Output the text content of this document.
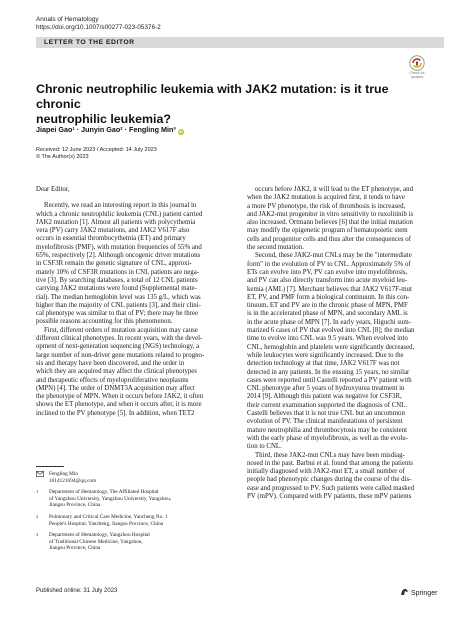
Annals of Hematology
https://doi.org/10.1007/s00277-023-05376-2
LETTER TO THE EDITOR
Check for
updates
Chronic neutrophilic leukemia with JAK2 mutation: is it true chronic
neutrophilic leukemia?
Jiapei Gao¹ · Junyin Gao² · Fengling Min³ iD
Received: 12 June 2023 / Accepted: 14 July 2023
© The Author(s) 2023

Dear Editor,

Recently, we read an interesting report in this journal in
which a chronic neutrophilic leukemia (CNL) patient carried
JAK2 mutation [1]. Almost all patients with polycythemia
vera (PV) carry JAK2 mutations, and JAK2 V617F also
occurs in essential thrombocythemia (ET) and primary
myelofibrosis (PMF), with mutation frequencies of 55% and
65%, respectively [2]. Although oncogenic driver mutations
in CSF3R remain the genetic signature of CNL, approxi-
mately 10% of CSF3R mutations in CNL patients are nega-
tive [3]. By searching databases, a total of 12 CNL patients
carrying JAK2 mutations were found (Supplemental mate-
rial). The median hemoglobin level was 135 g/L, which was
higher than the majority of CNL patients [3], and their clini-
cal phenotype was similar to that of PV; there may be three
possible reasons accounting for this phenomenon.

First, different orders of mutation acquisition may cause
different clinical phenotypes. In recent years, with the devel-
opment of next-generation sequencing (NGS) technology, a
large number of non-driver gene mutations related to progno-
sis and therapy have been discovered, and the order in
which they are acquired may affect the clinical phenotypes
and therapeutic effects of myeloproliferative neoplasms
(MPN) [4]. The order of DNMT3A acquisition may affect
the phenotype of MPN. When it occurs before JAK2, it often
shows the ET phenotype, and when it occurs after, it is more
inclined to the PV phenotype [5]. In addition, when TET2

Fengling Min
1014121694@qq.com
$^1$ Department of Hematology, The Affiliated Hospital
of Yangzhou University, Yangzhou University, Yangzhou,
Jiangsu Province, China
$^2$ Pulmonary and Critical Care Medicine, Yancheng No. 1
People's Hospital, Yancheng, Jiangsu Province, China
$^3$ Department of Hematology, Yangzhou Hospital
of Traditional Chinese Medicine, Yangzhou,
Jiangsu Province, China

occurs before JAK2, it will lead to the ET phenotype, and
when the JAK2 mutation is acquired first, it tends to have
a more PV phenotype, the risk of thrombosis is increased,
and JAK2-mut progenitor in vitro sensitivity to ruxolitinib is
also increased. Ortmann believes [6] that the initial mutation
may modify the epigenetic program of hematopoietic stem
cells and progenitor cells and thus alter the consequences of
the second mutation.

Second, these JAK2-mut CNLs may be the "intermediate
form" in the evolution of PV to CNL. Approximately 5% of
ETs can evolve into PV, PV can evolve into myelofibrosis,
and PV can also directly transform into acute myeloid leu-
kemia (AML) [7]. Merchant believes that JAK2 V617F-mut
ET, PV, and PMF form a biological continuum. In this con-
tinuum, ET and PV are in the chronic phase of MPN, PMF
is in the accelerated phase of MPN, and secondary AML is
in the acute phase of MPN [7]. In early years, Higuchi sum-
marized 6 cases of PV that evolved into CNL [8]; the median
time to evolve into CNL was 9.5 years. When evolved into
CNL, hemoglobin and platelets were significantly decreased,
while leukocytes were significantly increased. Due to the
detection technology at that time, JAK2 V617F was not
detected in any patients. In the ensuing 15 years, no similar
cases were reported until Castelli reported a PV patient with
CNL phenotype after 5 years of hydroxyurea treatment in
2014 [9]. Although this patient was negative for CSF3R,
their current examination supported the diagnosis of CNL.
Castelli believes that it is not true CNL but an uncommon
evolution of PV. The clinical manifestations of persistent
mature neutrophilia and thrombocytosis may be consistent
with the early phase of myelofibrosis, as well as the evolu-
tion to CNL.

Third, these JAK2-mut CNLs may have been misdiag-
nosed in the past. Barbui et al. found that among the patients
initially diagnosed with JAK2-mut ET, a small number of
people had phenotypic changes during the course of the dis-
ease and progressed to PV. Such patients were called masked
PV (mPV). Compared with PV patients, these mPV patients

Published online: 31 July 2023	Springer
